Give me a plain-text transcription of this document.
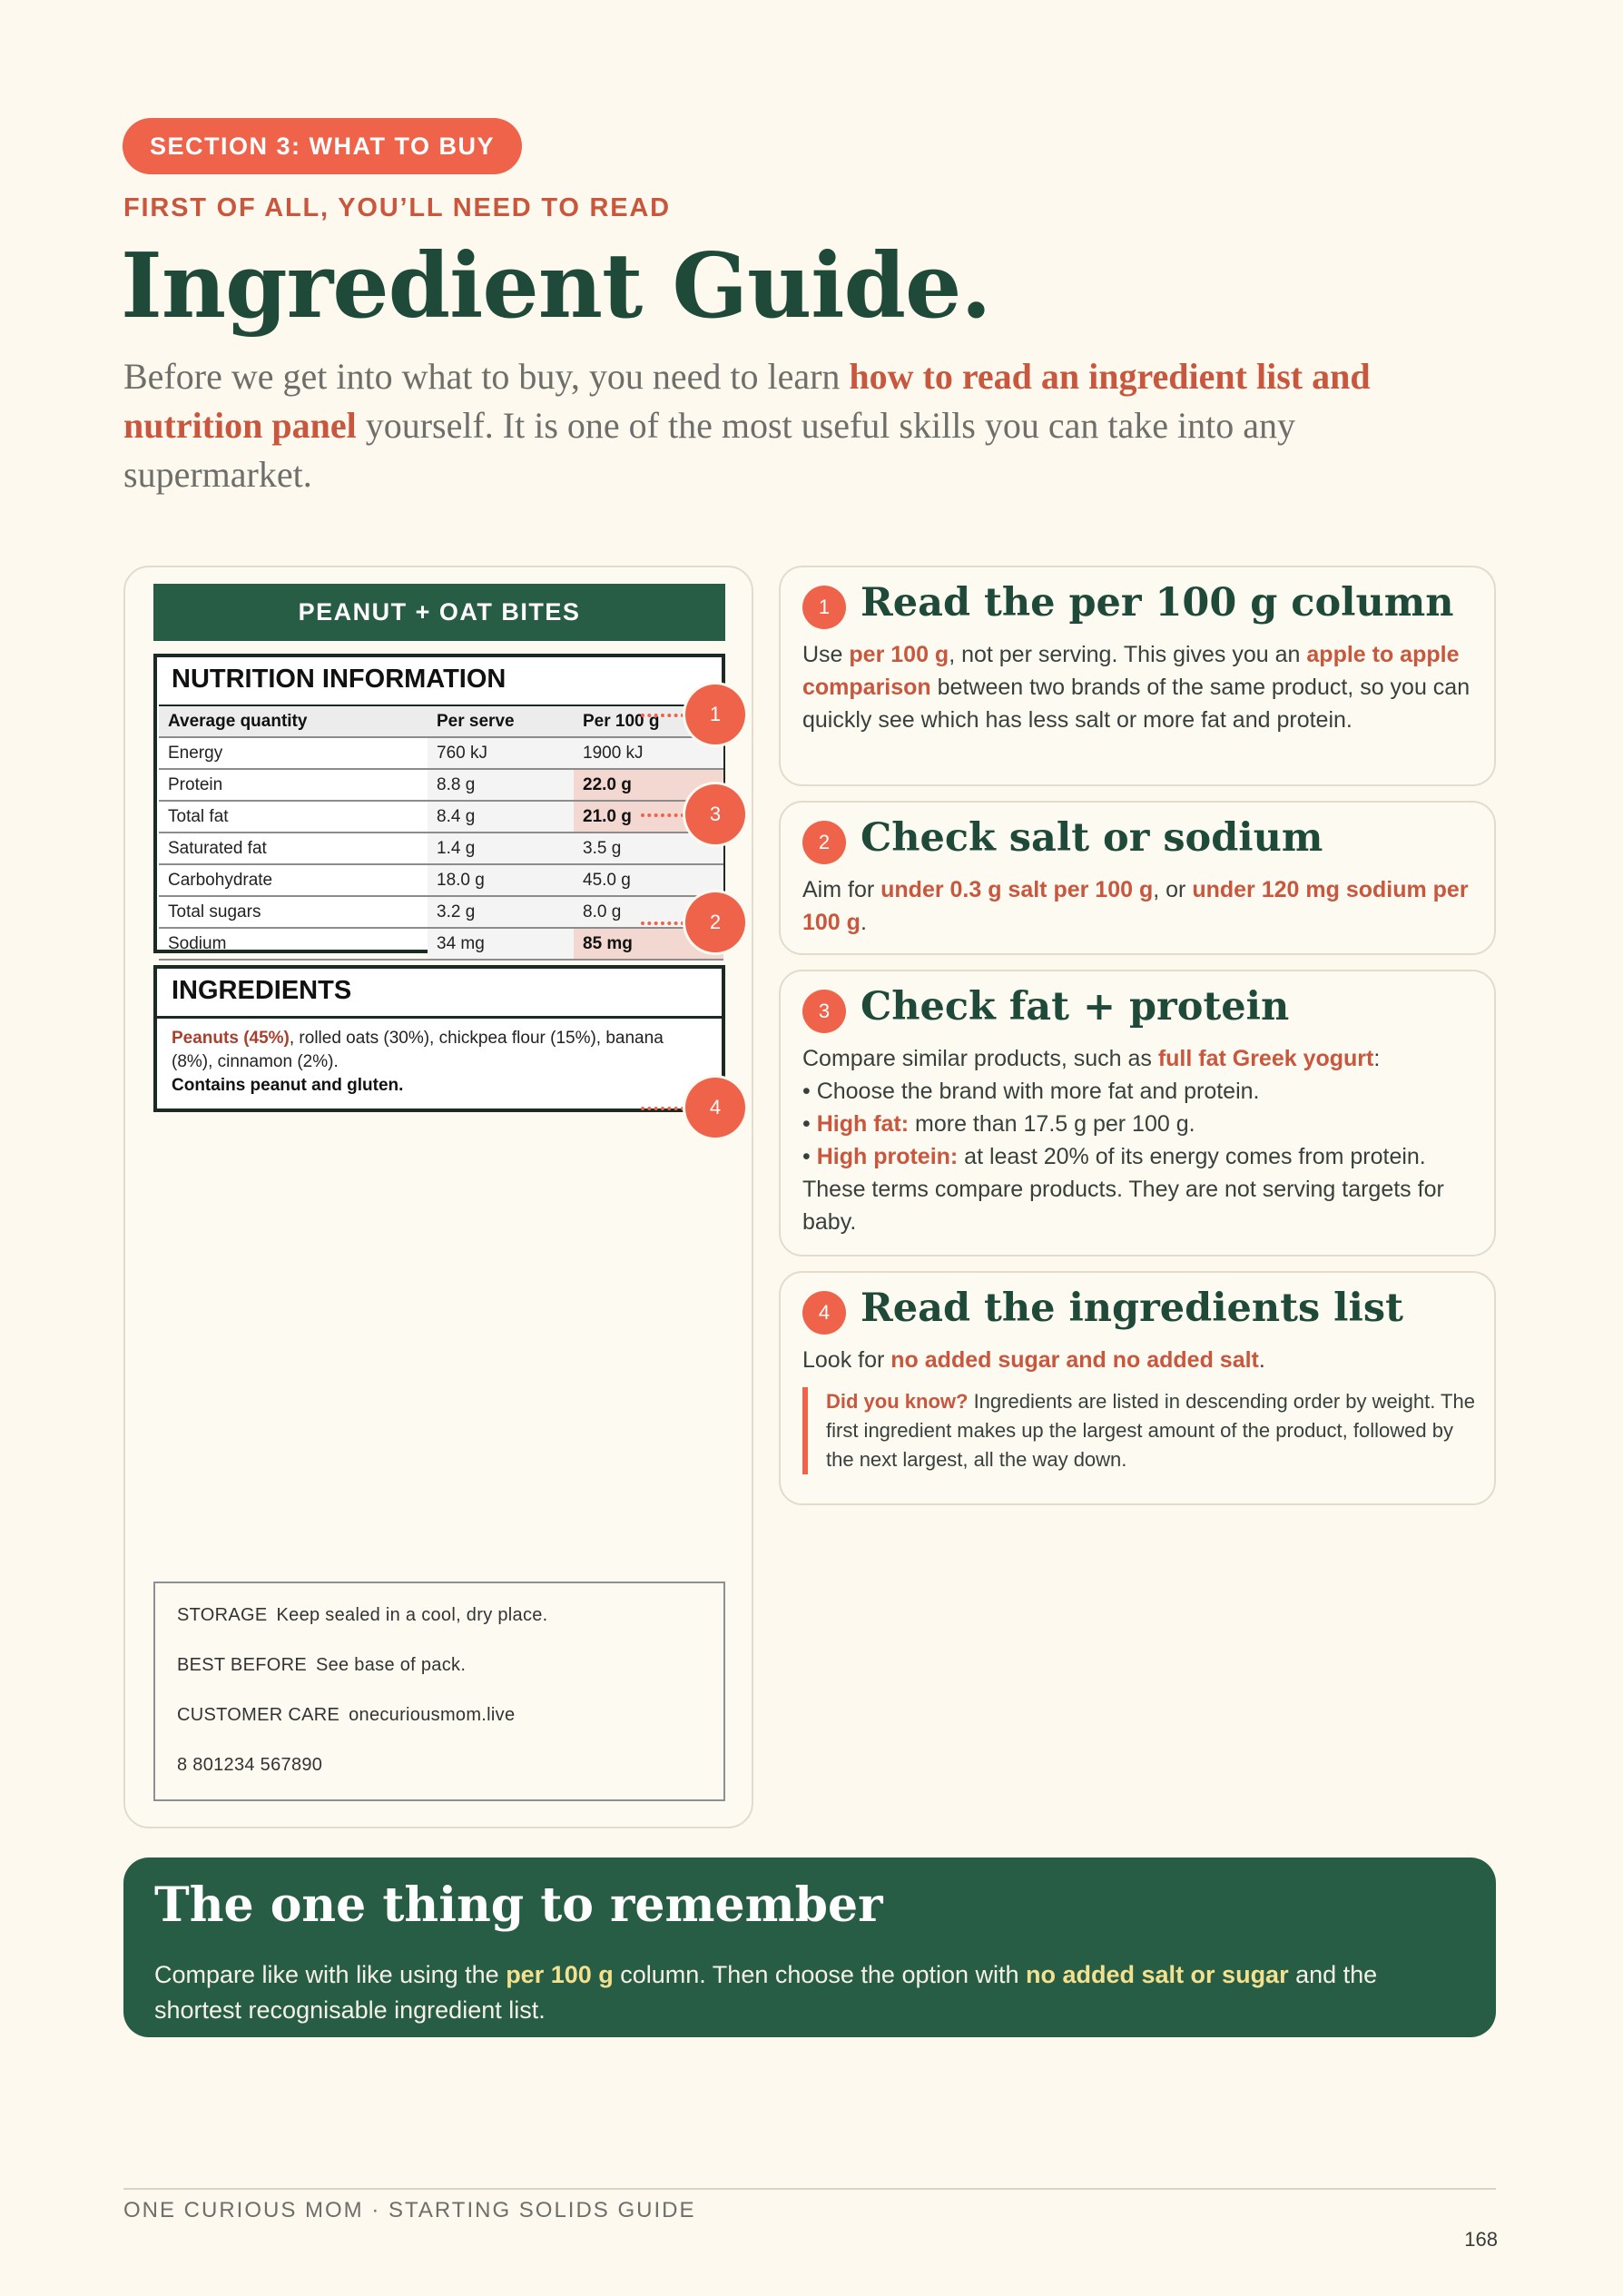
SECTION 3: WHAT TO BUY
FIRST OF ALL, YOU’LL NEED TO READ
Ingredient Guide.
Before we get into what to buy, you need to learn how to read an ingredient list and nutrition panel yourself. It is one of the most useful skills you can take into any supermarket.
PEANUT + OAT BITES
NUTRITION INFORMATION
Average quantity	Per serve	Per 100 g
Energy	760 kJ	1900 kJ
Protein	8.8 g	22.0 g
Total fat	8.4 g	21.0 g
Saturated fat	1.4 g	3.5 g
Carbohydrate	18.0 g	45.0 g
Total sugars	3.2 g	8.0 g
Sodium	34 mg	85 mg
INGREDIENTS
Peanuts (45%), rolled oats (30%), chickpea flour (15%), banana (8%), cinnamon (2%).
Contains peanut and gluten.
STORAGE Keep sealed in a cool, dry place.
BEST BEFORE See base of pack.
CUSTOMER CARE onecuriousmom.live
8 801234 567890
1
3
2
4
1 Read the per 100 g column
Use per 100 g, not per serving. This gives you an apple to apple comparison between two brands of the same product, so you can quickly see which has less salt or more fat and protein.
2 Check salt or sodium
Aim for under 0.3 g salt per 100 g, or under 120 mg sodium per 100 g.
3 Check fat + protein
Compare similar products, such as full fat Greek yogurt:
• Choose the brand with more fat and protein.
• High fat: more than 17.5 g per 100 g.
• High protein: at least 20% of its energy comes from protein.
These terms compare products. They are not serving targets for baby.
4 Read the ingredients list
Look for no added sugar and no added salt.
Did you know? Ingredients are listed in descending order by weight. The first ingredient makes up the largest amount of the product, followed by the next largest, all the way down.
The one thing to remember
Compare like with like using the per 100 g column. Then choose the option with no added salt or sugar and the shortest recognisable ingredient list.
ONE CURIOUS MOM · STARTING SOLIDS GUIDE
168
